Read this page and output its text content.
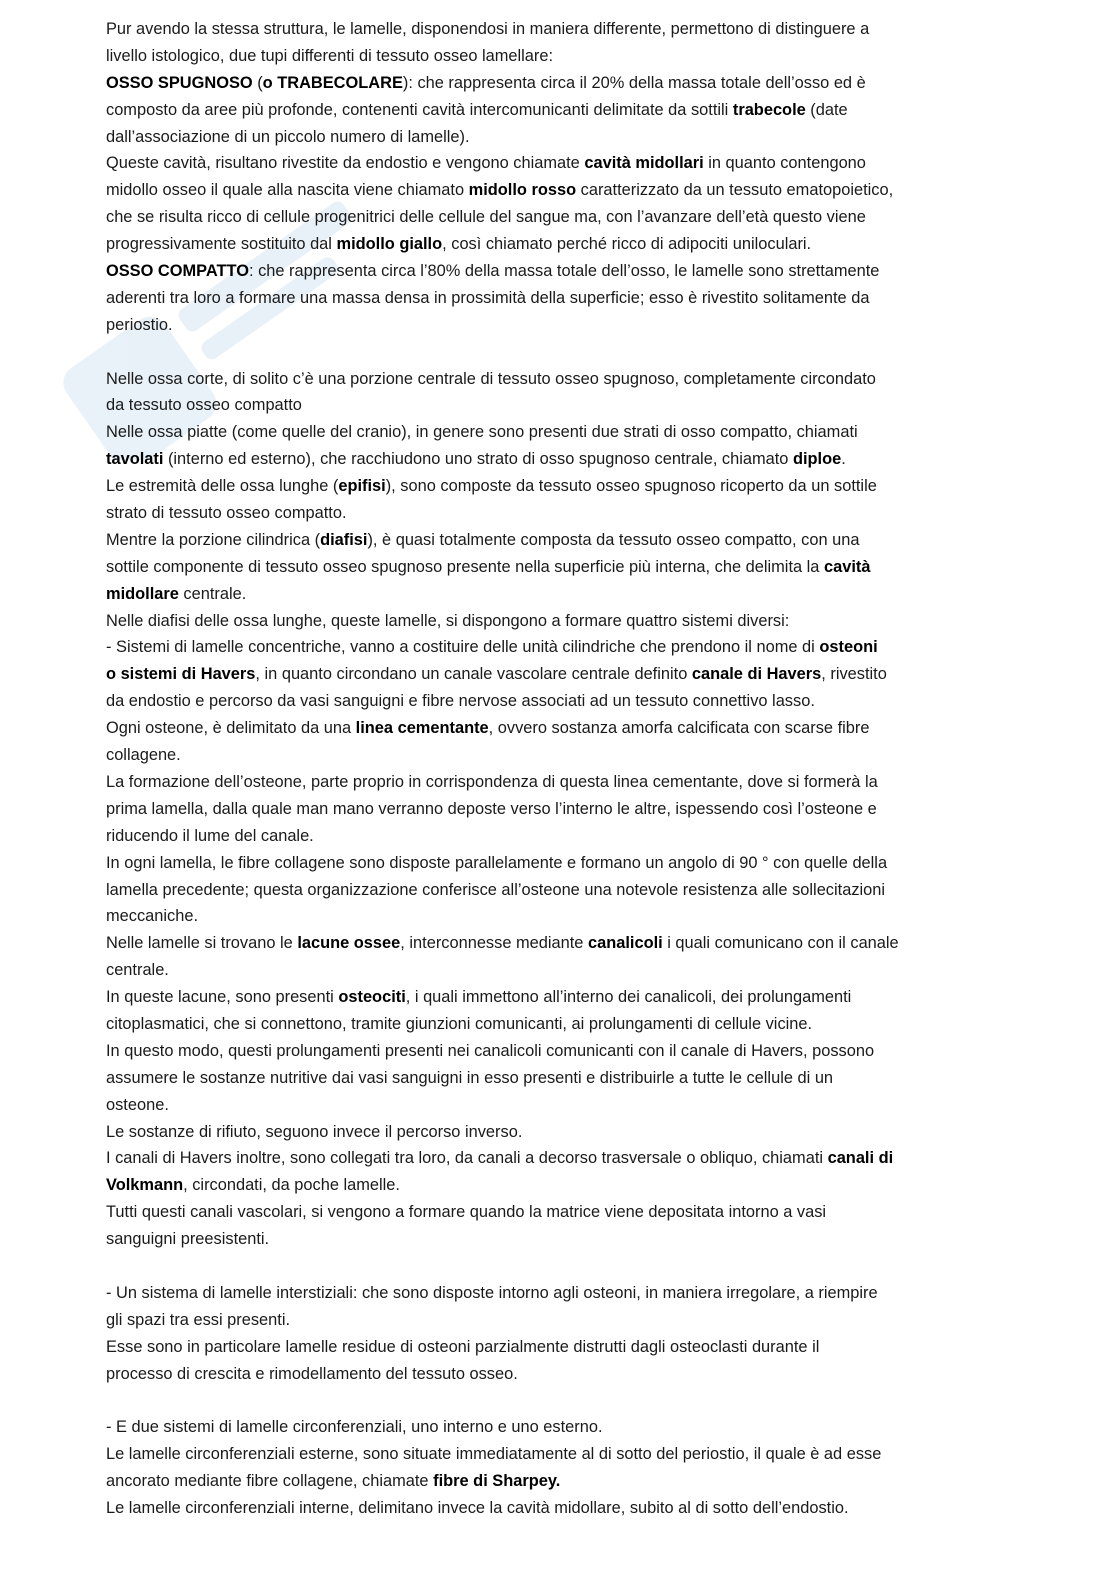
Pur avendo la stessa struttura, le lamelle, disponendosi in maniera differente, permettono di distinguere a
livello istologico, due tupi differenti di tessuto osseo lamellare:
OSSO SPUGNOSO (o TRABECOLARE): che rappresenta circa il 20% della massa totale dell’osso ed è
composto da aree più profonde, contenenti cavità intercomunicanti delimitate da sottili trabecole (date
dall’associazione di un piccolo numero di lamelle).
Queste cavità, risultano rivestite da endostio e vengono chiamate cavità midollari in quanto contengono
midollo osseo il quale alla nascita viene chiamato midollo rosso caratterizzato da un tessuto ematopoietico,
che se risulta ricco di cellule progenitrici delle cellule del sangue ma, con l’avanzare dell’età questo viene
progressivamente sostituito dal midollo giallo, così chiamato perché ricco di adipociti uniloculari.
OSSO COMPATTO: che rappresenta circa l’80% della massa totale dell’osso, le lamelle sono strettamente
aderenti tra loro a formare una massa densa in prossimità della superficie; esso è rivestito solitamente da
periostio.
Nelle ossa corte, di solito c’è una porzione centrale di tessuto osseo spugnoso, completamente circondato
da tessuto osseo compatto
Nelle ossa piatte (come quelle del cranio), in genere sono presenti due strati di osso compatto, chiamati
tavolati (interno ed esterno), che racchiudono uno strato di osso spugnoso centrale, chiamato diploe.
Le estremità delle ossa lunghe (epifisi), sono composte da tessuto osseo spugnoso ricoperto da un sottile
strato di tessuto osseo compatto.
Mentre la porzione cilindrica (diafisi), è quasi totalmente composta da tessuto osseo compatto, con una
sottile componente di tessuto osseo spugnoso presente nella superficie più interna, che delimita la cavità
midollare centrale.
Nelle diafisi delle ossa lunghe, queste lamelle, si dispongono a formare quattro sistemi diversi:
- Sistemi di lamelle concentriche, vanno a costituire delle unità cilindriche che prendono il nome di osteoni
o sistemi di Havers, in quanto circondano un canale vascolare centrale definito canale di Havers, rivestito
da endostio e percorso da vasi sanguigni e fibre nervose associati ad un tessuto connettivo lasso.
Ogni osteone, è delimitato da una linea cementante, ovvero sostanza amorfa calcificata con scarse fibre
collagene.
La formazione dell’osteone, parte proprio in corrispondenza di questa linea cementante, dove si formerà la
prima lamella, dalla quale man mano verranno deposte verso l’interno le altre, ispessendo così l’osteone e
riducendo il lume del canale.
In ogni lamella, le fibre collagene sono disposte parallelamente e formano un angolo di 90 ° con quelle della
lamella precedente; questa organizzazione conferisce all’osteone una notevole resistenza alle sollecitazioni
meccaniche.
Nelle lamelle si trovano le lacune ossee, interconnesse mediante canalicoli i quali comunicano con il canale
centrale.
In queste lacune, sono presenti osteociti, i quali immettono all’interno dei canalicoli, dei prolungamenti
citoplasmatici, che si connettono, tramite giunzioni comunicanti, ai prolungamenti di cellule vicine.
In questo modo, questi prolungamenti presenti nei canalicoli comunicanti con il canale di Havers, possono
assumere le sostanze nutritive dai vasi sanguigni in esso presenti e distribuirle a tutte le cellule di un
osteone.
Le sostanze di rifiuto, seguono invece il percorso inverso.
I canali di Havers inoltre, sono collegati tra loro, da canali a decorso trasversale o obliquo, chiamati canali di
Volkmann, circondati, da poche lamelle.
Tutti questi canali vascolari, si vengono a formare quando la matrice viene depositata intorno a vasi
sanguigni preesistenti.
- Un sistema di lamelle interstiziali: che sono disposte intorno agli osteoni, in maniera irregolare, a riempire
gli spazi tra essi presenti.
Esse sono in particolare lamelle residue di osteoni parzialmente distrutti dagli osteoclasti durante il
processo di crescita e rimodellamento del tessuto osseo.
- E due sistemi di lamelle circonferenziali, uno interno e uno esterno.
Le lamelle circonferenziali esterne, sono situate immediatamente al di sotto del periostio, il quale è ad esse
ancorato mediante fibre collagene, chiamate fibre di Sharpey.
Le lamelle circonferenziali interne, delimitano invece la cavità midollare, subito al di sotto dell’endostio.
